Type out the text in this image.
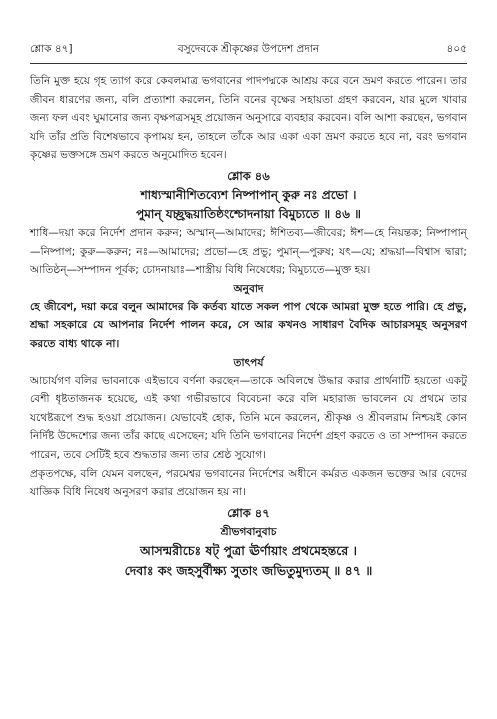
শ্লোক ৪৭]	বসুদেবকে শ্রীকৃষ্ণের উপদেশ প্রদান	৪০৫

তিনি মুক্ত হয়ে গৃহ ত্যাগ করে কেবলমাত্র ভগবানের পাদপদ্মকে আশ্রয় করে বনে ভ্রমণ করতে পারেন। তার জীবন ধারণের জন্য, বলি প্রত্যাশা করলেন, তিনি বনের বৃক্ষের সহায়তা গ্রহণ করবেন, যার মুলে খাবার জন্য ফল এবং ঘুমানোর জন্য বৃক্ষপত্রসমূহ প্রয়োজন অনুসারে ব্যবহার করবেন। বলি আশা করছেন, ভগবান যদি তাঁর প্রতি বিশেষভাবে কৃপাময় হন, তাহলে তাঁকে আর একা একা ভ্রমণ করতে হবে না, বরং ভগবান কৃষ্ণের ভক্তসঙ্গে ভ্রমণ করতে অনুমোদিত হবেন।

শ্লোক ৪৬
শাধ্যস্মানীশিতব্যেশ নিষ্পাপান্ কুরু নঃ প্রভো ।
পুমান্ যচ্ছ্রদ্ধয়াতিষ্ঠংশ্চোদনায়া বিমুচ্যতে ॥ ৪৬ ॥

শাধি—দয়া করে নির্দেশ প্রদান করুন; অস্মান্—আমাদের; ঈশিতব্য—জীবের; ঈশ—হে নিয়ন্তক; নিষ্পাপান্—নিষ্পাপ; কুরু—করুন; নঃ—আমাদের; প্রভো—হে প্রভু; পুমান্—পুরুষ; যৎ—যে; শ্রদ্ধয়া—বিশ্বাস দ্বারা; আতিষ্ঠন্—সম্পাদন পূর্বক; চোদনায়াঃ—শাস্ত্রীয় বিধি নিষেধের; বিমুচ্যতে—মুক্ত হয়।

অনুবাদ

হে জীবেশ, দয়া করে বলুন আমাদের কি কর্তব্য যাতে সকল পাপ থেকে আমরা মুক্ত হতে পারি। হে প্রভু, শ্রদ্ধা সহকারে যে আপনার নির্দেশ পালন করে, সে আর কখনও সাধারণ বৈদিক আচারসমূহ অনুসরণ করতে বাধ্য থাকে না।

তাৎপর্য

আচার্যগণ বলির ভাবনাকে এইভাবে বর্ণনা করছেন—তাকে অবিলম্বে উদ্ধার করার প্রার্থনাটি হয়তো একটু বেশী ধৃষ্টতাজনক হয়েছে, এই কথা গভীরভাবে বিবেচনা করে বলি মহারাজ ভাবলেন যে প্রথমে তার যথেষ্টরূপে শুদ্ধ হওয়া প্রয়োজন। যেভাবেই হোক, তিনি মনে করলেন, শ্রীকৃষ্ণ ও শ্রীবলরাম নিশ্চয়ই কোন নির্দিষ্ট উদ্দেশ্যের জন্য তাঁর কাছে এসেছেন; যদি তিনি ভগবানের নির্দেশ গ্রহণ করতে ও তা সম্পাদন করতে পারেন, তবে সেটিই হবে শুদ্ধতার জন্য তার শ্রেষ্ঠ সুযোগ।

প্রকৃতপক্ষে, বলি যেমন বলছেন, পরমেশ্বর ভগবানের নির্দেশের অধীনে কর্মরত একজন ভক্তের আর বেদের যাজ্ঞিক বিধি নিষেধ অনুসরণ করার প্রয়োজন হয় না।

শ্লোক ৪৭
শ্রীভগবানুবাচ
আসন্মরীচেঃ ষট্ পুত্রা ঊর্ণায়াং প্রথমেহন্তরে ।
দেবাঃ কং জহসুর্বীক্ষ্য সুতাং জভিতুমুদ্যতম্ ॥ ৪৭ ॥
